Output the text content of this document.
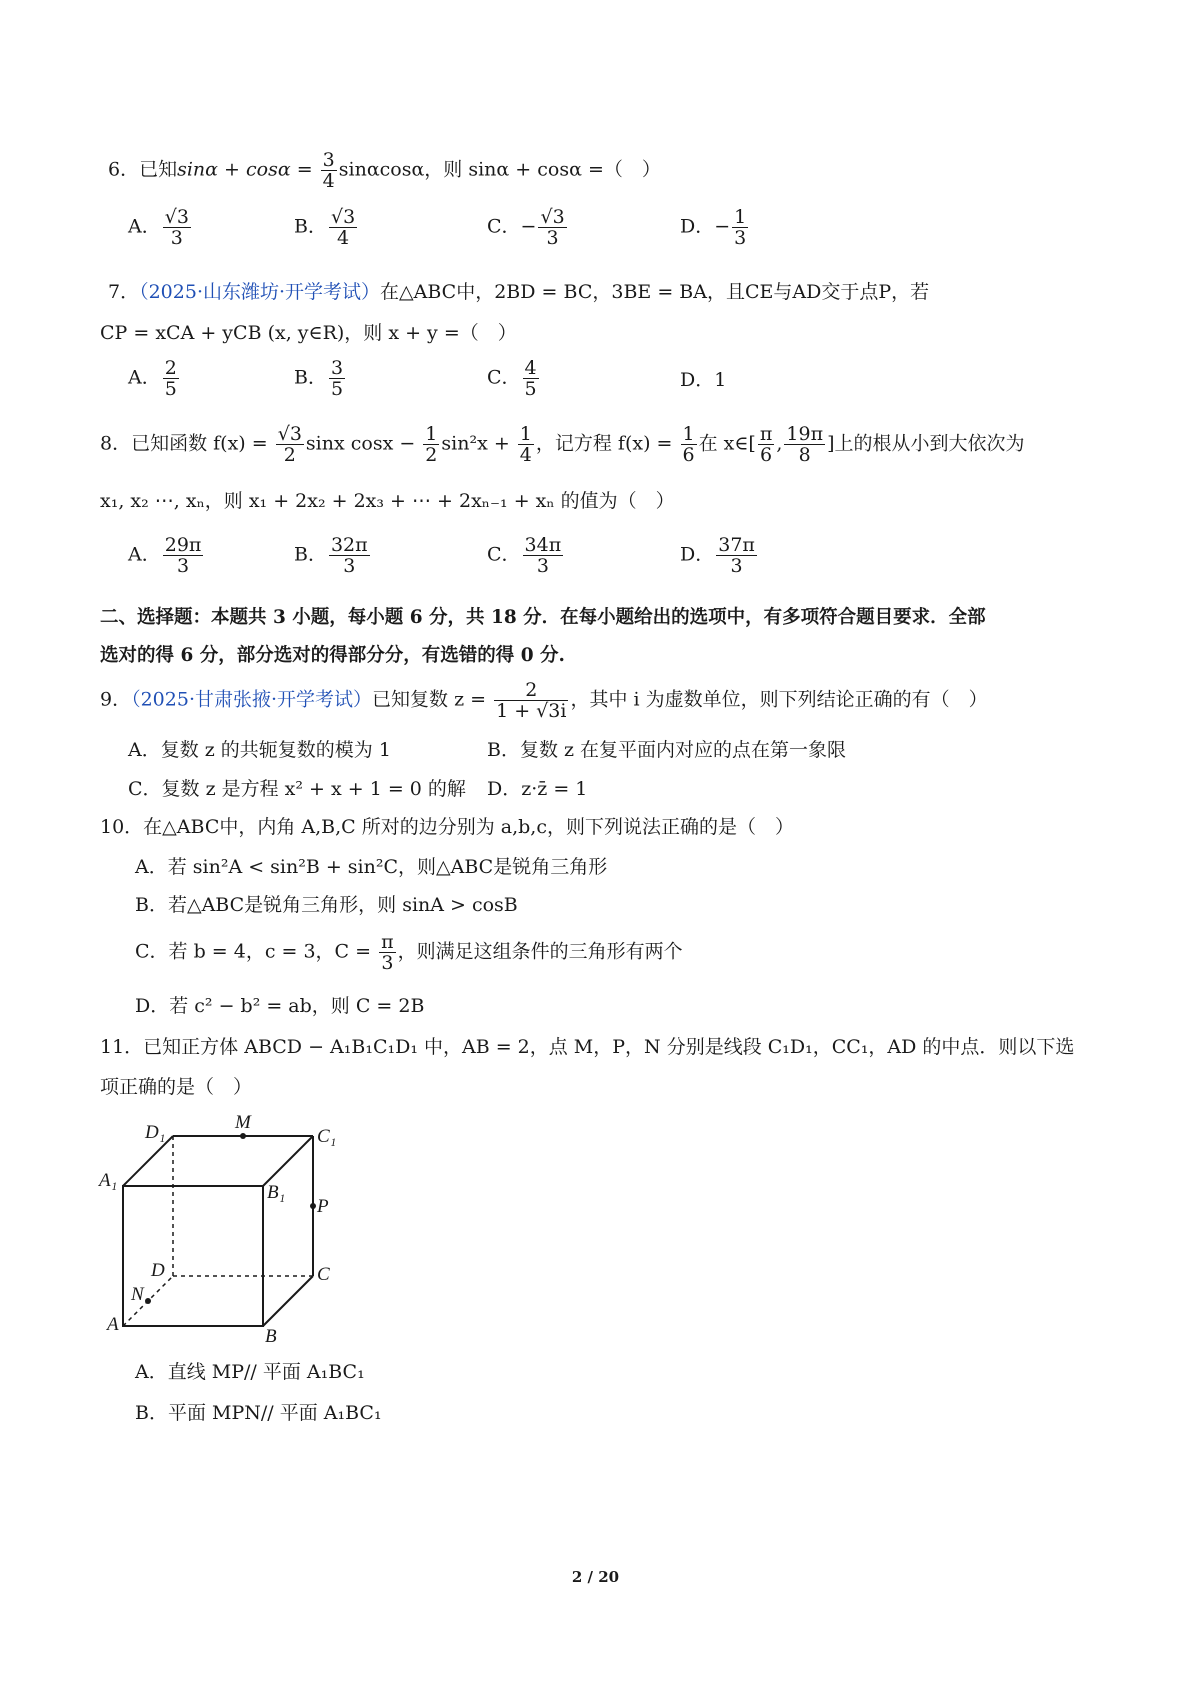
6．已知$\sin\alpha + \cos\alpha = \frac{3}{4}$ sinαcosα，则 sinα + cosα =（　）
A． $\frac{√3}{3}$	B． $\frac{√3}{4}$	C．− $\frac{√3}{3}$	D．− $\frac{1}{3}$
7．（2025·山东潍坊·开学考试）在△ABC中，2BD = BC，3BE = BA，且CE与AD交于点P，若
CP = xCA + yCB (x, y∈R)，则 x + y =（　）
A． $\frac{2}{5}$	B． $\frac{3}{5}$	C． $\frac{4}{5}$	D．1
8．已知函数 $f(x) = \frac{√3}{2}$ sinx $\cos x - \frac{1}{2} \sin^2x + \frac{1}{4}$ ，记方程 $f(x) = \frac{1}{6}$ 在 x∈[ $\frac{\pi}{6}$ , $\frac{19\pi}{8}$ ]上的根从小到大依次为
x₁, x₂ ⋯, xₙ，则 x₁ + 2x₂ + 2x₃ + ⋯ + 2xₙ₋₁ + xₙ 的值为（　）
A． $\frac{29\pi}{3}$	B． $\frac{32\pi}{3}$	C． $\frac{34\pi}{3}$	D． $\frac{37\pi}{3}$
二、选择题：本题共 3 小题，每小题 6 分，共 18 分．在每小题给出的选项中，有多项符合题目要求．全部
选对的得 6 分，部分选对的得部分分，有选错的得 0 分.
9．（2025·甘肃张掖·开学考试）已知复数 $z = \frac{2}{1 + √3i}$ ，其中 i 为虚数单位，则下列结论正确的有（　）
A．复数 z 的共轭复数的模为 1	B．复数 z 在复平面内对应的点在第一象限
C．复数 z 是方程 x² + x + 1 = 0 的解 D．z·z̄ = 1
10．在△ABC中，内角 A,B,C 所对的边分别为 a,b,c，则下列说法正确的是（　）
A．若 sin²A < sin²B + sin²C，则△ABC是锐角三角形
B．若△ABC是锐角三角形，则 sinA > cosB
C．若 b = 4，c = 3，$C = \frac{\pi}{3}$ ，则满足这组条件的三角形有两个
D．若 c² − b² = ab，则 C = 2B
11．已知正方体 ABCD − A₁B₁C₁D₁ 中，AB = 2，点 M，P，N 分别是线段 C₁D₁，CC₁，AD 的中点．则以下选
项正确的是（　）
D₁	M
C₁
A₁
B₁
P
D	C
N
A
B
A．直线 MP// 平面 A₁BC₁
B．平面 MPN// 平面 A₁BC₁
2 / 20
